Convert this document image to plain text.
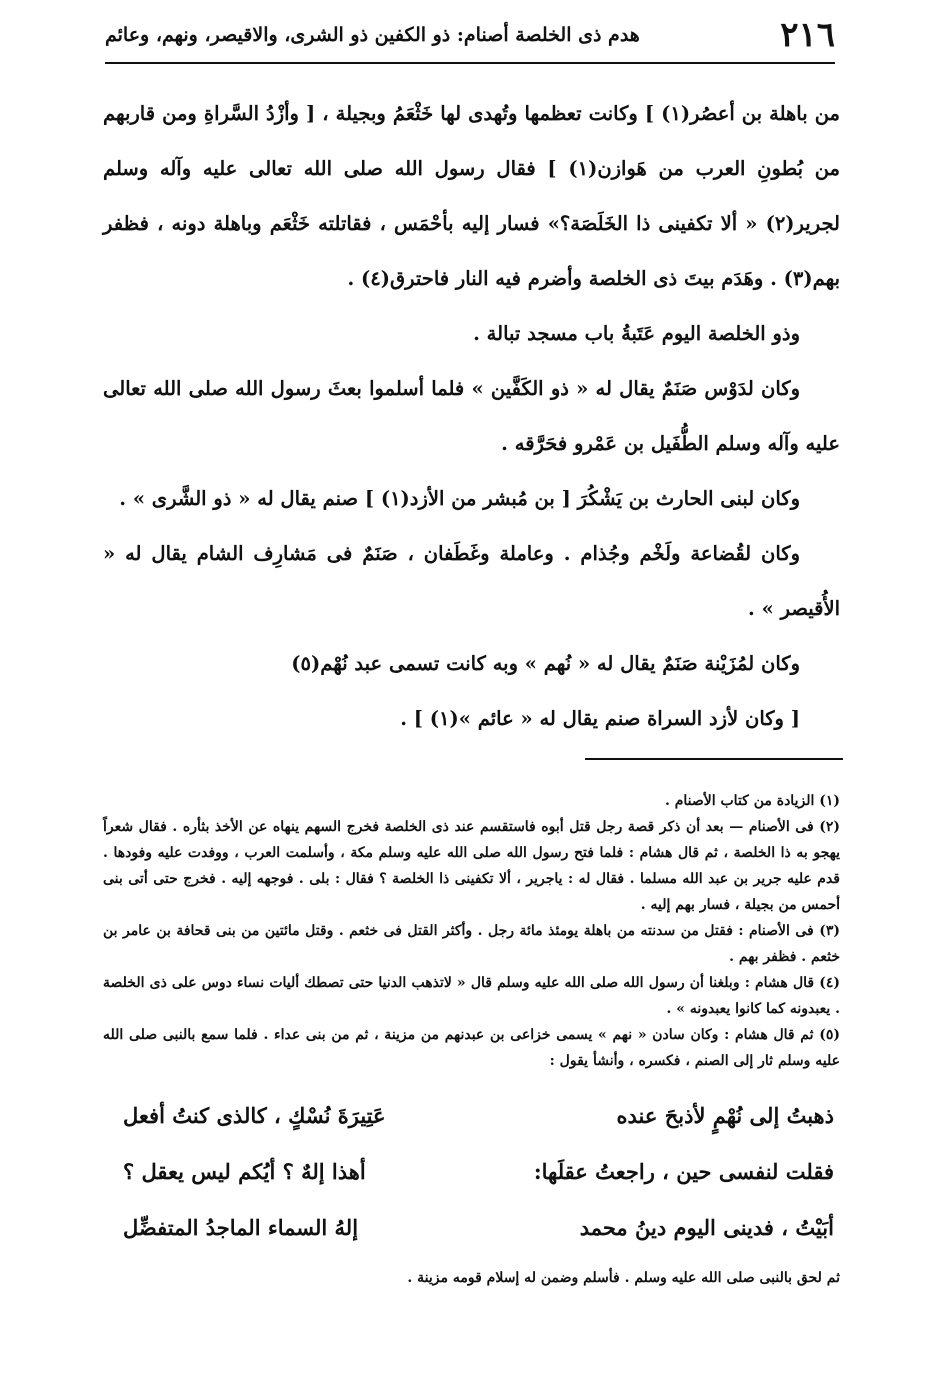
٢١٦
هدم ذى الخلصة أصنام: ذو الكفين ذو الشرى، والاقيصر، ونهم، وعائم

من باهلة بن أعصُر(١) ] وكانت تعظمها وتُهدى لها خَثْعَمُ وبجيلة ، [ وأزْدُ السَّراةِ ومن قاربهم من بُطونِ العرب من هَوازن(١) ] فقال رسول الله صلى الله تعالى عليه وآله وسلم لجرير(٢) « ألا تكفينى ذا الخَلَصَة؟» فسار إليه بأحْمَس ، فقاتلته خَثْعَم وباهلة دونه ، فظفر بهم(٣) . وهَدَم بيتَ ذى الخلصة وأضرم فيه النار فاحترق(٤) .

وذو الخلصة اليوم عَتَبةُ باب مسجد تبالة .

وكان لدَوْس صَنَمٌ يقال له « ذو الكَفَّين » فلما أسلموا بعثَ رسول الله صلى الله تعالى عليه وآله وسلم الطُّفَيل بن عَمْرو فحَرَّقه .

وكان لبنى الحارث بن يَشْكُرَ [ بن مُبشر من الأزد(١) ] صنم يقال له « ذو الشَّرى » .

وكان لقُضاعة ولَخْم وجُذام . وعاملة وغَطَفان ، صَنَمٌ فى مَشارِف الشام يقال له « الأُقيصر » .

وكان لمُزَيْنة صَنَمٌ يقال له « نُهم » وبه كانت تسمى عبد نُهْم(٥)

[ وكان لأزد السراة صنم يقال له « عائم »(١) ] .

(١) الزيادة من كتاب الأصنام .

(٢) فى الأصنام — بعد أن ذكر قصة رجل قتل أبوه فاستقسم عند ذى الخلصة فخرج السهم ينهاه عن الأخذ بثأره . فقال شعراً يهجو به ذا الخلصة ، ثم قال هشام : فلما فتح رسول الله صلى الله عليه وسلم مكة ، وأسلمت العرب ، ووفدت عليه وفودها . قدم عليه جرير بن عبد الله مسلما . فقال له : ياجرير ، ألا تكفينى ذا الخلصة ؟ فقال : بلى . فوجهه إليه . فخرج حتى أتى بنى أحمس من بجيلة ، فسار بهم إليه .

(٣) فى الأصنام : فقتل من سدنته من باهلة يومئذ مائة رجل . وأكثر القتل فى خثعم . وقتل مائتين من بنى قحافة بن عامر بن خثعم . فظفر بهم .

(٤) قال هشام : وبلغنا أن رسول الله صلى الله عليه وسلم قال « لاتذهب الدنيا حتى تصطك أليات نساء دوس على ذى الخلصة . يعبدونه كما كانوا يعبدونه » .

(٥) ثم قال هشام : وكان سادن « نهم » يسمى خزاعى بن عبدنهم من مزينة ، ثم من بنى عداء . فلما سمع بالنبى صلى الله عليه وسلم ثار إلى الصنم ، فكسره ، وأنشأ يقول :

ذهبتُ إلى نُهْمٍ لأذبحَ عنده
عَتِيرَةَ نُسْكٍ ، كالذى كنتُ أفعل
فقلت لنفسى حين ، راجعتُ عقلَها:
أهذا إلهٌ ؟ أيُكم ليس يعقل ؟
أبَيْتُ ، فدينى اليوم دينُ محمد
إلهُ السماء الماجدُ المتفضِّل

ثم لحق بالنبى صلى الله عليه وسلم . فأسلم وضمن له إسلام قومه مزينة .
